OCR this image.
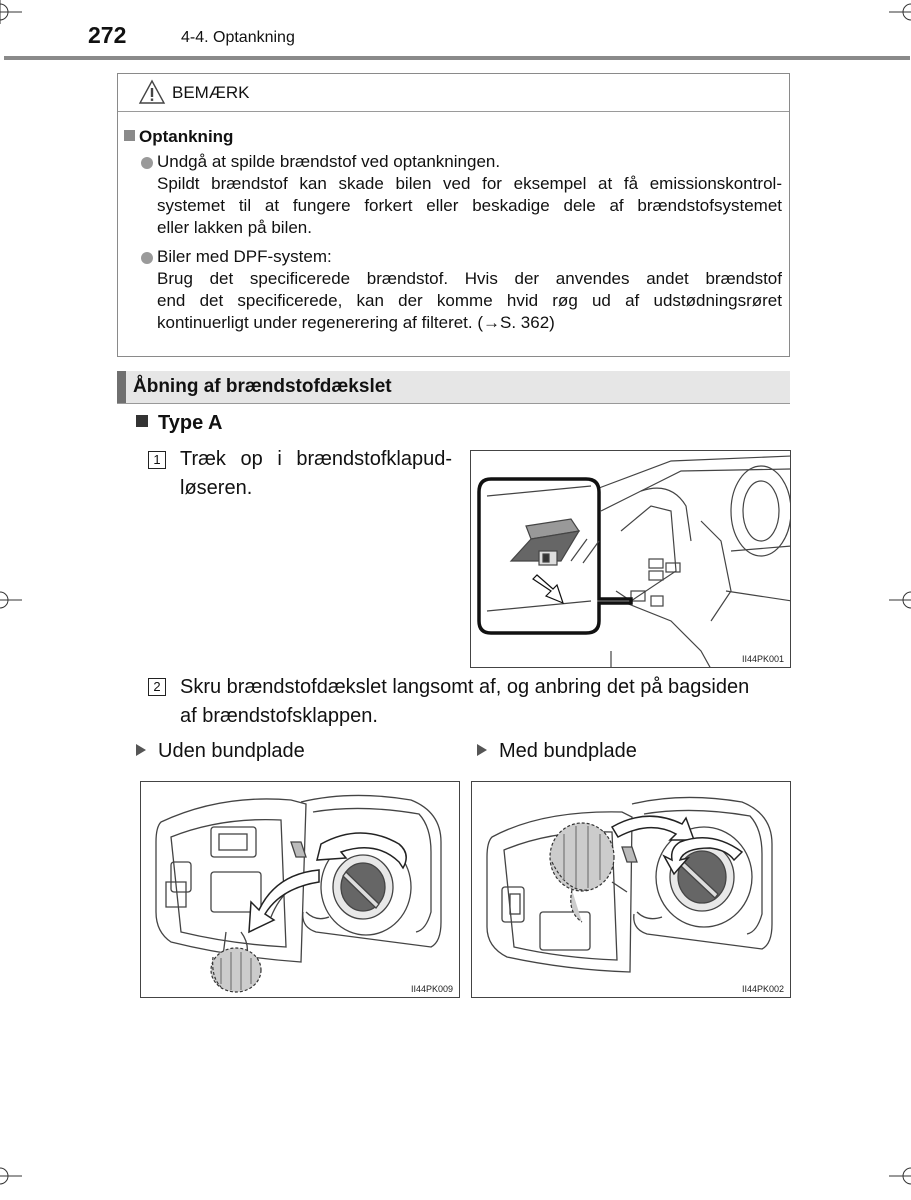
272	4-4. Optankning
BEMÆRK
Optankning
Undgå at spilde brændstof ved optankningen.
Spildt brændstof kan skade bilen ved for eksempel at få emissionskontrol-
systemet til at fungere forkert eller beskadige dele af brændstofsystemet
eller lakken på bilen.
Biler med DPF-system:
Brug det specificerede brændstof. Hvis der anvendes andet brændstof
end det specificerede, kan der komme hvid røg ud af udstødningsrøret
kontinuerligt under regenerering af filteret. (→S. 362)
Åbning af brændstofdækslet
Type A
1 Træk op i brændstofklapud-
løseren.
II44PK001
2 Skru brændstofdækslet langsomt af, og anbring det på bagsiden
af brændstofsklappen.
Uden bundplade	Med bundplade
II44PK009	II44PK002
